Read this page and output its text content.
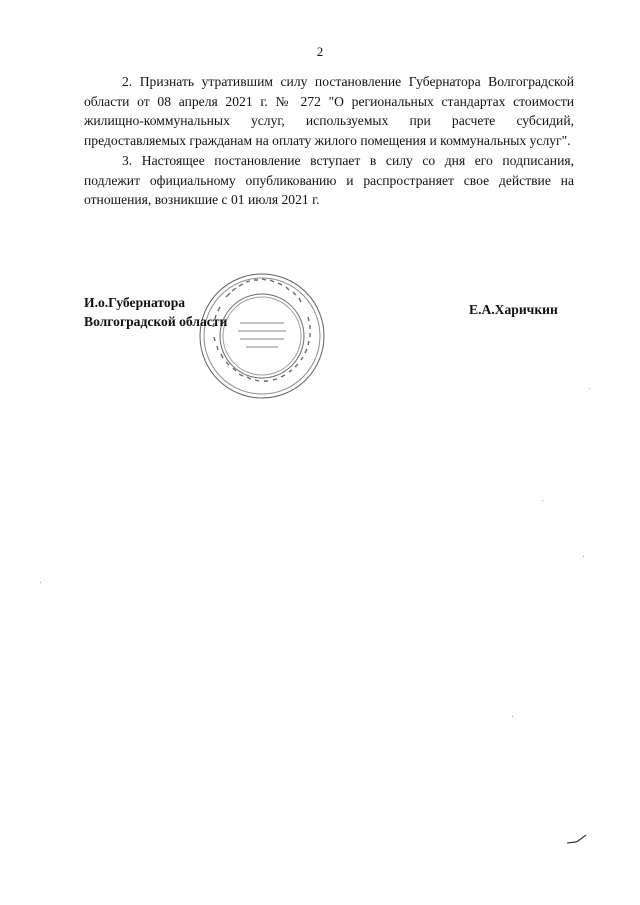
2

2. Признать утратившим силу постановление Губернатора Волгоградской области от 08 апреля 2021 г. № 272 "О региональных стандартах стоимости жилищно-коммунальных услуг, используемых при расчете субсидий, предоставляемых гражданам на оплату жилого помещения и коммунальных услуг".

3. Настоящее постановление вступает в силу со дня его подписания, подлежит официальному опубликованию и распространяет свое действие на отношения, возникшие с 01 июля 2021 г.

И.о.Губернатора
Волгоградской области
Е.А.Харичкин
